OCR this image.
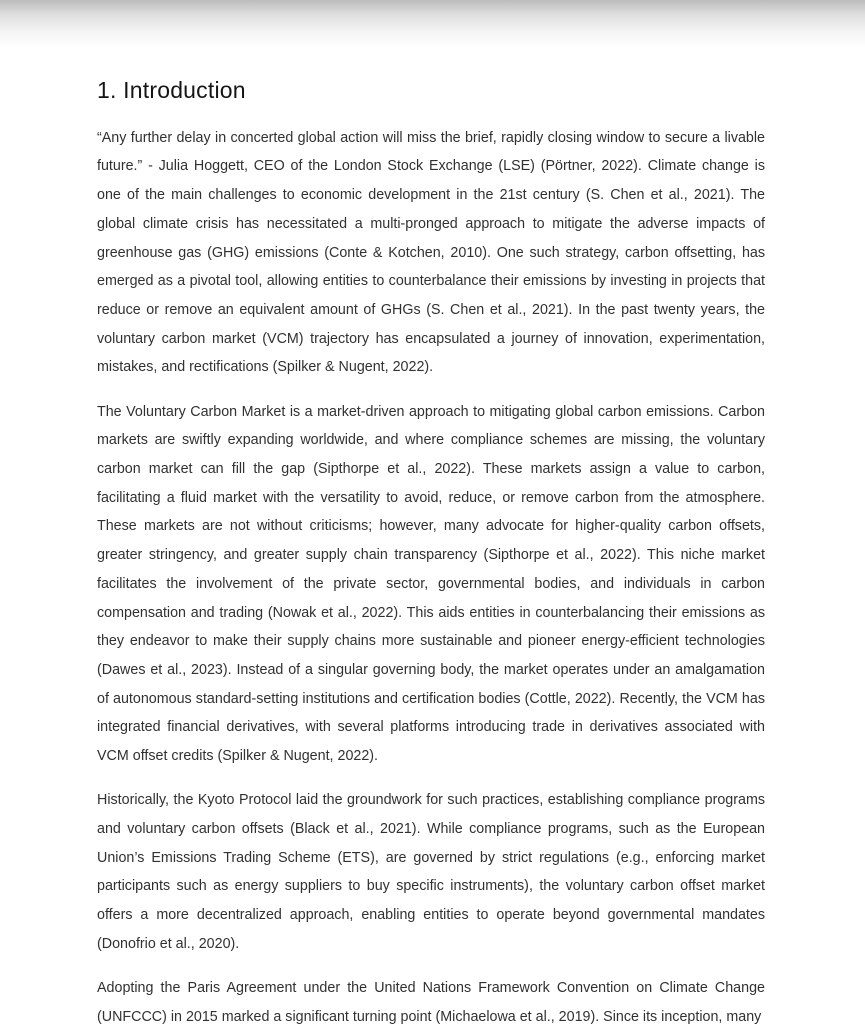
1. Introduction

“Any further delay in concerted global action will miss the brief, rapidly closing window to secure a livable future.” - Julia Hoggett, CEO of the London Stock Exchange (LSE) (Pörtner, 2022). Climate change is one of the main challenges to economic development in the 21st century (S. Chen et al., 2021). The global climate crisis has necessitated a multi-pronged approach to mitigate the adverse impacts of greenhouse gas (GHG) emissions (Conte & Kotchen, 2010). One such strategy, carbon offsetting, has emerged as a pivotal tool, allowing entities to counterbalance their emissions by investing in projects that reduce or remove an equivalent amount of GHGs (S. Chen et al., 2021). In the past twenty years, the voluntary carbon market (VCM) trajectory has encapsulated a journey of innovation, experimentation, mistakes, and rectifications (Spilker & Nugent, 2022).

The Voluntary Carbon Market is a market-driven approach to mitigating global carbon emissions. Carbon markets are swiftly expanding worldwide, and where compliance schemes are missing, the voluntary carbon market can fill the gap (Sipthorpe et al., 2022). These markets assign a value to carbon, facilitating a fluid market with the versatility to avoid, reduce, or remove carbon from the atmosphere. These markets are not without criticisms; however, many advocate for higher-quality carbon offsets, greater stringency, and greater supply chain transparency (Sipthorpe et al., 2022). This niche market facilitates the involvement of the private sector, governmental bodies, and individuals in carbon compensation and trading (Nowak et al., 2022). This aids entities in counterbalancing their emissions as they endeavor to make their supply chains more sustainable and pioneer energy-efficient technologies (Dawes et al., 2023). Instead of a singular governing body, the market operates under an amalgamation of autonomous standard-setting institutions and certification bodies (Cottle, 2022). Recently, the VCM has integrated financial derivatives, with several platforms introducing trade in derivatives associated with VCM offset credits (Spilker & Nugent, 2022).

Historically, the Kyoto Protocol laid the groundwork for such practices, establishing compliance programs and voluntary carbon offsets (Black et al., 2021). While compliance programs, such as the European Union’s Emissions Trading Scheme (ETS), are governed by strict regulations (e.g., enforcing market participants such as energy suppliers to buy specific instruments), the voluntary carbon offset market offers a more decentralized approach, enabling entities to operate beyond governmental mandates (Donofrio et al., 2020).

Adopting the Paris Agreement under the United Nations Framework Convention on Climate Change (UNFCCC) in 2015 marked a significant turning point (Michaelowa et al., 2019). Since its inception, many
